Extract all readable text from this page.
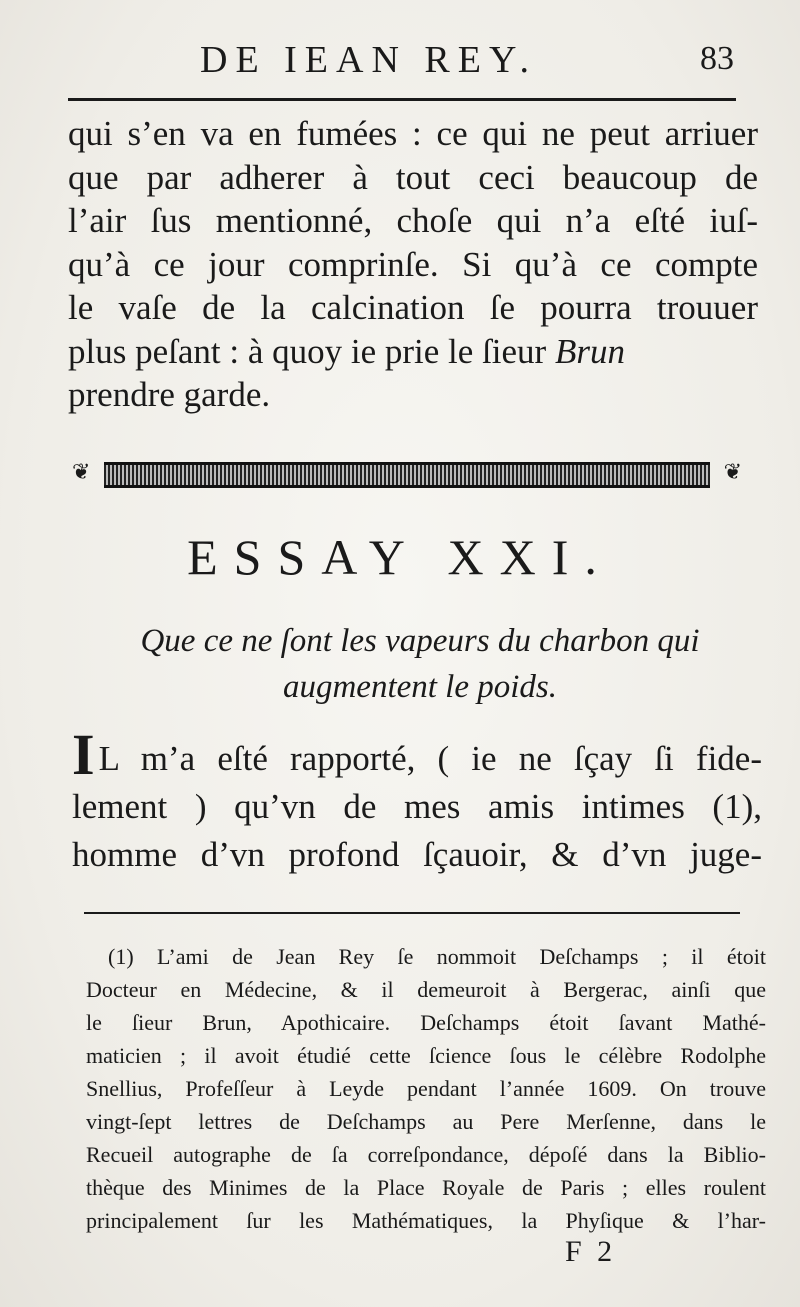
DE IEAN REY.	83
qui s’en va en fumées : ce qui ne peut arriuer
que par adherer à tout ceci beaucoup de
l’air ſus mentionné, choſe qui n’a eſté iuſ-
qu’à ce jour comprinſe. Si qu’à ce compte
le vaſe de la calcination ſe pourra trouuer
plus peſant : à quoy ie prie le ſieur Brun
prendre garde.
❦	❦
ESSAY XXI.
Que ce ne ſont les vapeurs du charbon qui
augmentent le poids.
I L m’a eſté rapporté, ( ie ne ſçay ſi fide-
lement ) qu’vn de mes amis intimes (1),
homme d’vn profond ſçauoir, & d’vn juge-
(1) L’ami de Jean Rey ſe nommoit Deſchamps ; il étoit
Docteur en Médecine, & il demeuroit à Bergerac, ainſi que
le ſieur Brun, Apothicaire. Deſchamps étoit ſavant Mathé-
maticien ; il avoit étudié cette ſcience ſous le célèbre Rodolphe
Snellius, Profeſſeur à Leyde pendant l’année 1609. On trouve
vingt-ſept lettres de Deſchamps au Pere Merſenne, dans le
Recueil autographe de ſa correſpondance, dépoſé dans la Biblio-
thèque des Minimes de la Place Royale de Paris ; elles roulent
principalement ſur les Mathématiques, la Phyſique & l’har-
F 2
